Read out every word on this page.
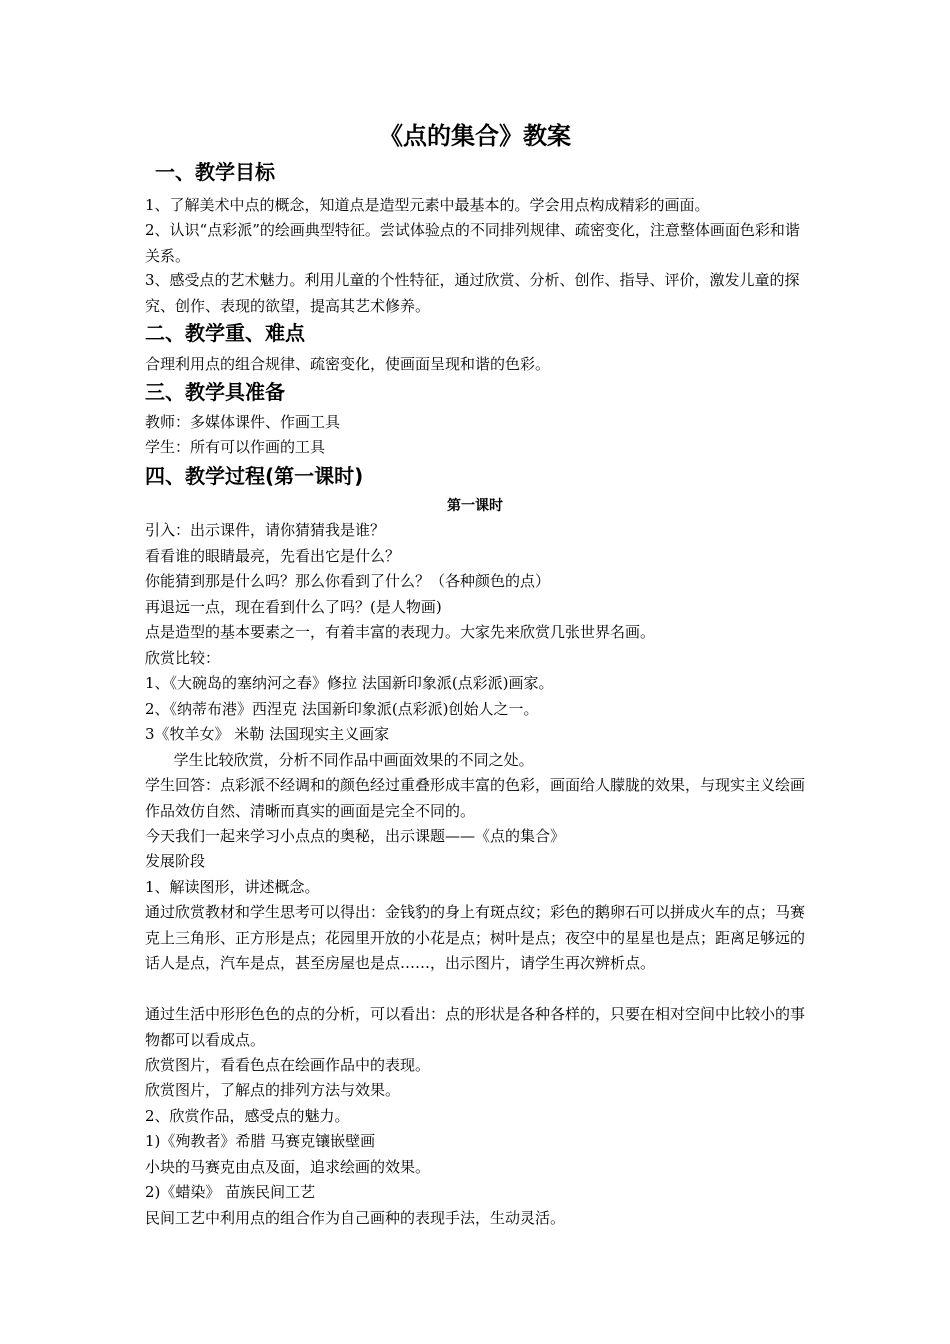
《点的集合》教案
一、教学目标
1、了解美术中点的概念，知道点是造型元素中最基本的。学会用点构成精彩的画面。
2、认识“点彩派”的绘画典型特征。尝试体验点的不同排列规律、疏密变化，注意整体画面色彩和谐关系。
3、感受点的艺术魅力。利用儿童的个性特征，通过欣赏、分析、创作、指导、评价，激发儿童的探究、创作、表现的欲望，提高其艺术修养。
二、教学重、难点
合理利用点的组合规律、疏密变化，使画面呈现和谐的色彩。
三、教学具准备
教师：多媒体课件、作画工具
学生：所有可以作画的工具
四、教学过程(第一课时)
第一课时
引入：出示课件，请你猜猜我是谁？
看看谁的眼睛最亮，先看出它是什么？
你能猜到那是什么吗？那么你看到了什么？（各种颜色的点）
再退远一点，现在看到什么了吗？(是人物画)
点是造型的基本要素之一，有着丰富的表现力。大家先来欣赏几张世界名画。
欣赏比较：
1、《大碗岛的塞纳河之春》修拉 法国新印象派(点彩派)画家。
2、《纳蒂布港》西涅克 法国新印象派(点彩派)创始人之一。
3《牧羊女》 米勒 法国现实主义画家
学生比较欣赏，分析不同作品中画面效果的不同之处。
学生回答：点彩派不经调和的颜色经过重叠形成丰富的色彩，画面给人朦胧的效果，与现实主义绘画作品效仿自然、清晰而真实的画面是完全不同的。
今天我们一起来学习小点点的奥秘，出示课题——《点的集合》
发展阶段
1、解读图形，讲述概念。
通过欣赏教材和学生思考可以得出：金钱豹的身上有斑点纹；彩色的鹅卵石可以拼成火车的点；马赛克上三角形、正方形是点；花园里开放的小花是点；树叶是点；夜空中的星星也是点；距离足够远的话人是点，汽车是点，甚至房屋也是点……，出示图片，请学生再次辨析点。
通过生活中形形色色的点的分析，可以看出：点的形状是各种各样的，只要在相对空间中比较小的事物都可以看成点。
欣赏图片，看看色点在绘画作品中的表现。
欣赏图片，了解点的排列方法与效果。
2、欣赏作品，感受点的魅力。
1)《殉教者》希腊 马赛克镶嵌壁画
小块的马赛克由点及面，追求绘画的效果。
2)《蜡染》 苗族民间工艺
民间工艺中利用点的组合作为自己画种的表现手法，生动灵活。
